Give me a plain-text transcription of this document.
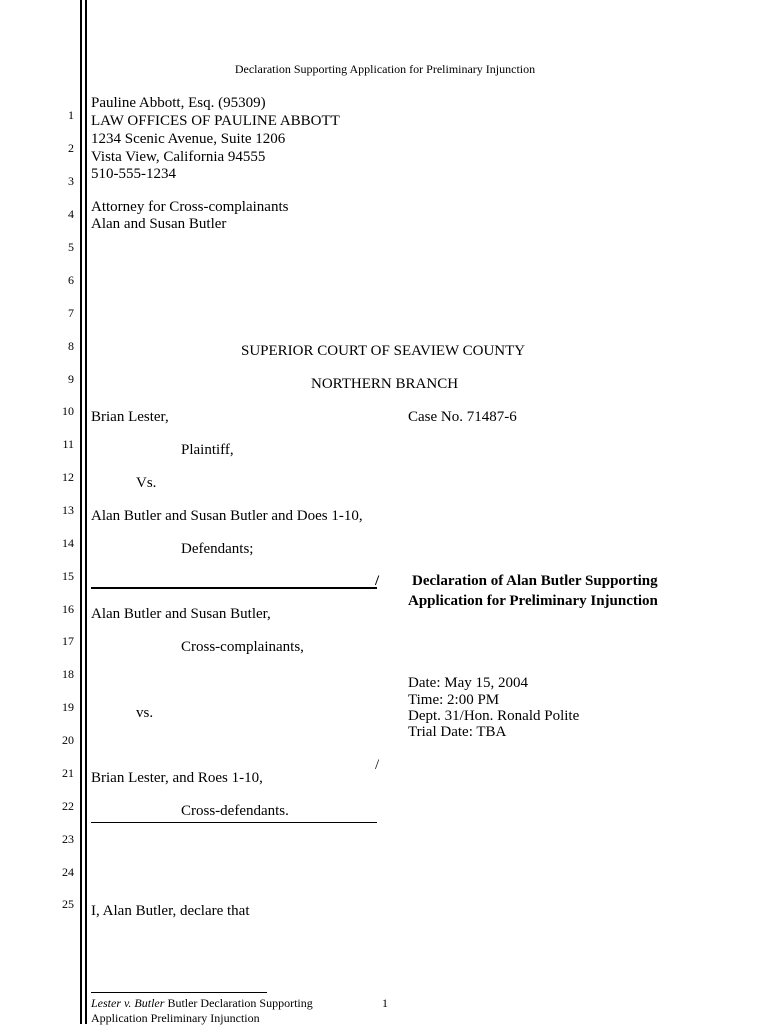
Declaration Supporting Application for Preliminary Injunction
1
2
3
4
5
6
7
8
9
10
11
12
13
14
15
16
17
18
19
20
21
22
23
24
25
Pauline Abbott, Esq. (95309)
LAW OFFICES OF PAULINE ABBOTT
1234 Scenic Avenue, Suite 1206
Vista View, California 94555
510-555-1234
Attorney for Cross-complainants
Alan and Susan Butler
SUPERIOR COURT OF SEAVIEW COUNTY
NORTHERN BRANCH
Brian Lester,
Plaintiff,
Vs.
Alan Butler and Susan Butler and Does 1-10,
Defendants;
/
Alan Butler and Susan Butler,
Cross-complainants,
vs.
/
Brian Lester, and Roes 1-10,
Cross-defendants.
Case No. 71487-6
Declaration of Alan Butler Supporting
Application for Preliminary Injunction
Date: May 15, 2004
Time: 2:00 PM
Dept. 31/Hon. Ronald Polite
Trial Date: TBA
I, Alan Butler, declare that
Lester v. Butler Butler Declaration Supporting
Application Preliminary Injunction
1
